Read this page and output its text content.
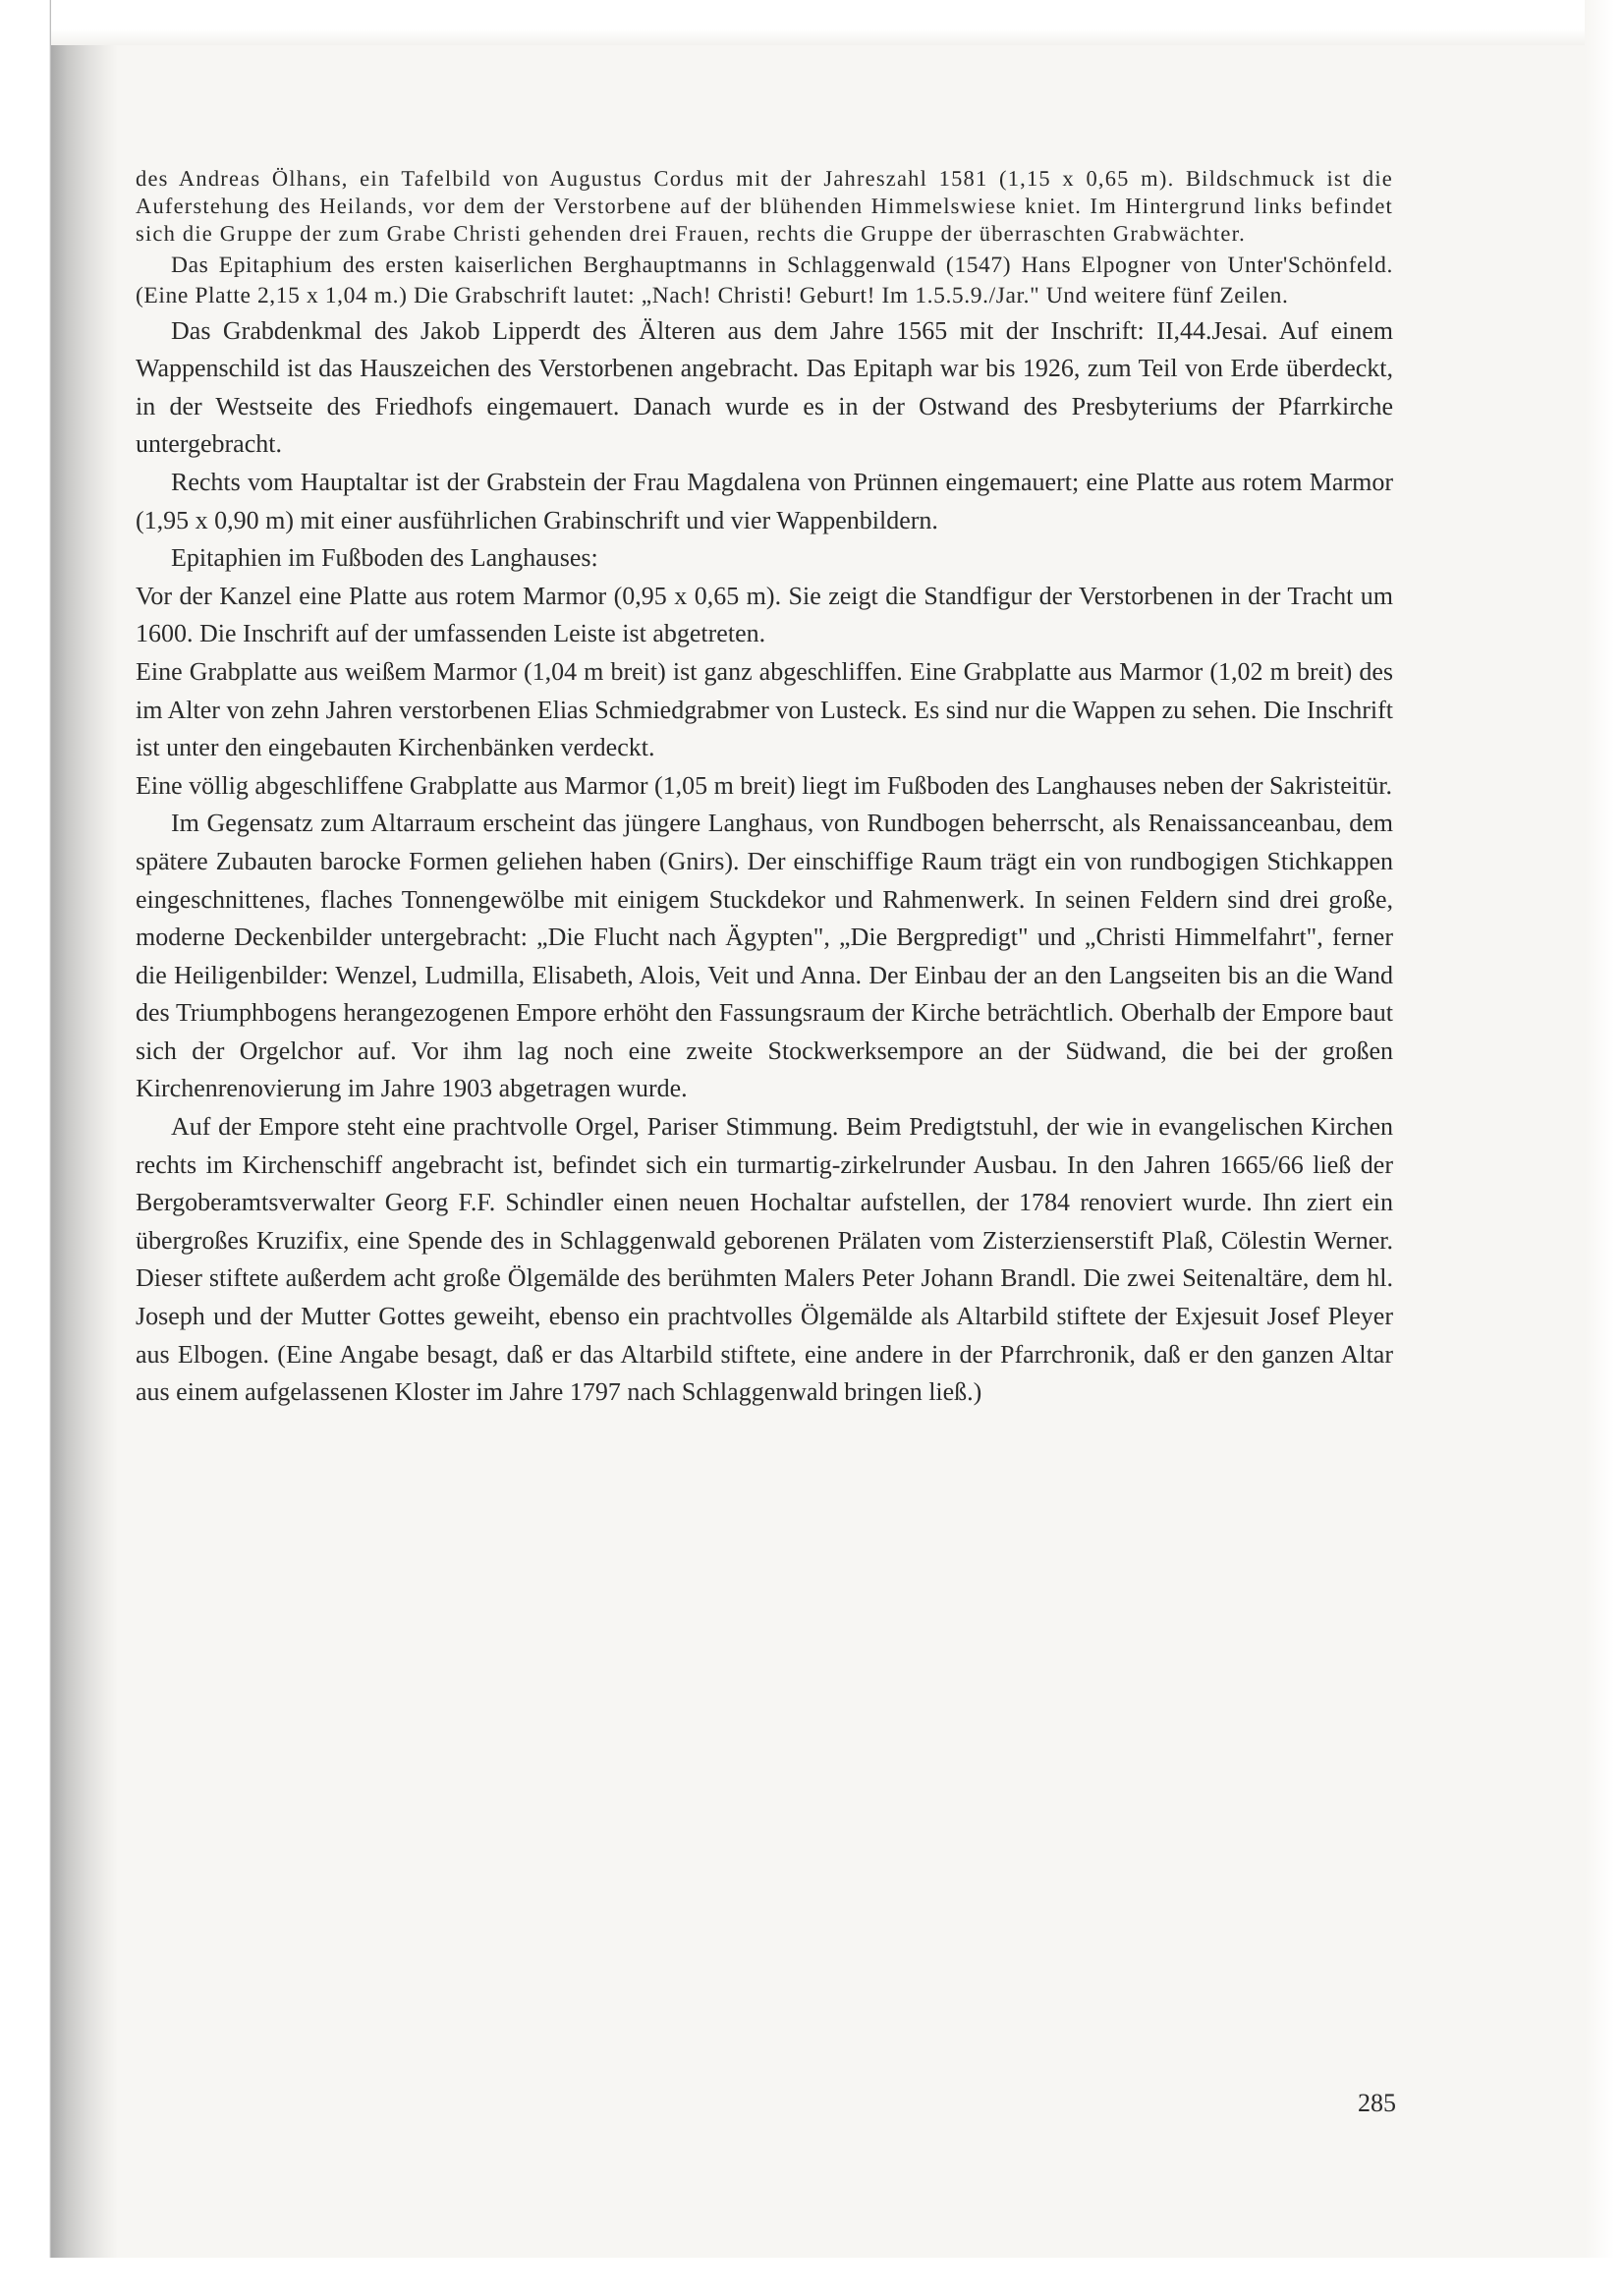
des Andreas Ölhans, ein Tafelbild von Augustus Cordus mit der Jahreszahl 1581 (1,15 x 0,65 m). Bildschmuck ist die Auferstehung des Heilands, vor dem der Verstorbene auf der blühenden Himmelswiese kniet. Im Hintergrund links befindet sich die Gruppe der zum Grabe Christi gehenden drei Frauen, rechts die Gruppe der überraschten Grabwächter.

Das Epitaphium des ersten kaiserlichen Berghauptmanns in Schlaggenwald (1547) Hans Elpogner von Unter'Schönfeld. (Eine Platte 2,15 x 1,04 m.) Die Grabschrift lautet: „Nach! Christi! Geburt! Im 1.5.5.9./Jar." Und weitere fünf Zeilen.

Das Grabdenkmal des Jakob Lipperdt des Älteren aus dem Jahre 1565 mit der Inschrift: II,44.Jesai. Auf einem Wappenschild ist das Hauszeichen des Verstorbenen angebracht. Das Epitaph war bis 1926, zum Teil von Erde überdeckt, in der Westseite des Friedhofs eingemauert. Danach wurde es in der Ostwand des Presbyteriums der Pfarrkirche untergebracht.

Rechts vom Hauptaltar ist der Grabstein der Frau Magdalena von Prünnen eingemauert; eine Platte aus rotem Marmor (1,95 x 0,90 m) mit einer ausführlichen Grabinschrift und vier Wappenbildern.

Epitaphien im Fußboden des Langhauses:

Vor der Kanzel eine Platte aus rotem Marmor (0,95 x 0,65 m). Sie zeigt die Standfigur der Verstorbenen in der Tracht um 1600. Die Inschrift auf der umfassenden Leiste ist abgetreten.

Eine Grabplatte aus weißem Marmor (1,04 m breit) ist ganz abgeschliffen. Eine Grabplatte aus Marmor (1,02 m breit) des im Alter von zehn Jahren verstorbenen Elias Schmiedgrabmer von Lusteck. Es sind nur die Wappen zu sehen. Die Inschrift ist unter den eingebauten Kirchenbänken verdeckt.

Eine völlig abgeschliffene Grabplatte aus Marmor (1,05 m breit) liegt im Fußboden des Langhauses neben der Sakristeitür.

Im Gegensatz zum Altarraum erscheint das jüngere Langhaus, von Rundbogen beherrscht, als Renaissanceanbau, dem spätere Zubauten barocke Formen geliehen haben (Gnirs). Der einschiffige Raum trägt ein von rundbogigen Stichkappen eingeschnittenes, flaches Tonnengewölbe mit einigem Stuckdekor und Rahmenwerk. In seinen Feldern sind drei große, moderne Deckenbilder untergebracht: „Die Flucht nach Ägypten", „Die Bergpredigt" und „Christi Himmelfahrt", ferner die Heiligenbilder: Wenzel, Ludmilla, Elisabeth, Alois, Veit und Anna. Der Einbau der an den Langseiten bis an die Wand des Triumphbogens herangezogenen Empore erhöht den Fassungsraum der Kirche beträchtlich. Oberhalb der Empore baut sich der Orgelchor auf. Vor ihm lag noch eine zweite Stockwerksempore an der Südwand, die bei der großen Kirchenrenovierung im Jahre 1903 abgetragen wurde.

Auf der Empore steht eine prachtvolle Orgel, Pariser Stimmung. Beim Predigtstuhl, der wie in evangelischen Kirchen rechts im Kirchenschiff angebracht ist, befindet sich ein turmartig-zirkelrunder Ausbau. In den Jahren 1665/66 ließ der Bergoberamtsverwalter Georg F.F. Schindler einen neuen Hochaltar aufstellen, der 1784 renoviert wurde. Ihn ziert ein übergroßes Kruzifix, eine Spende des in Schlaggenwald geborenen Prälaten vom Zisterzienserstift Plaß, Cölestin Werner. Dieser stiftete außerdem acht große Ölgemälde des berühmten Malers Peter Johann Brandl. Die zwei Seitenaltäre, dem hl. Joseph und der Mutter Gottes geweiht, ebenso ein prachtvolles Ölgemälde als Altarbild stiftete der Exjesuit Josef Pleyer aus Elbogen. (Eine Angabe besagt, daß er das Altarbild stiftete, eine andere in der Pfarrchronik, daß er den ganzen Altar aus einem aufgelassenen Kloster im Jahre 1797 nach Schlaggenwald bringen ließ.)

285
